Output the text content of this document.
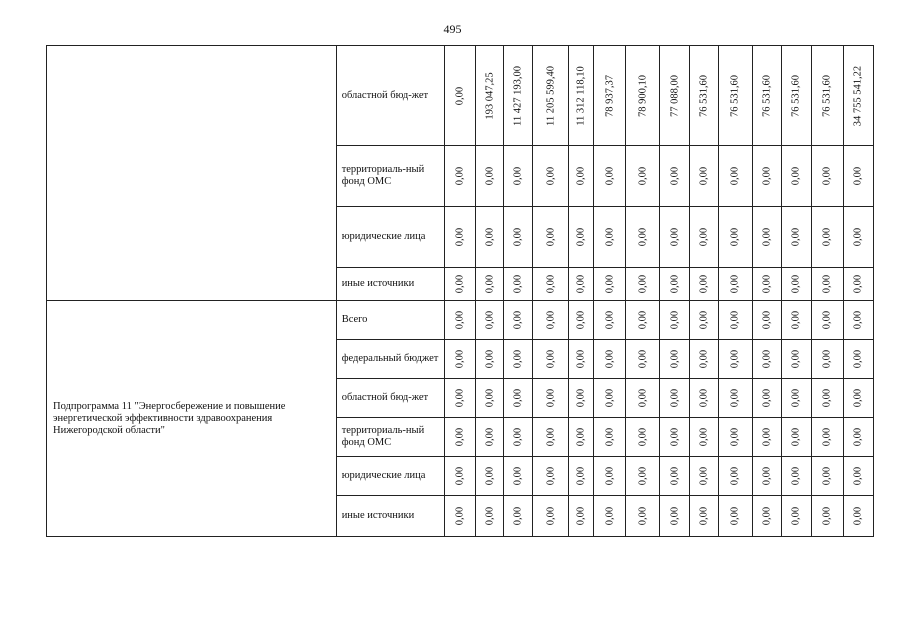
495
	областной бюд-жет	0,00	193 047,25	11 427 193,00	11 205 599,40	11 312 118,10	78 937,37	78 900,10	77 088,00	76 531,60	76 531,60	76 531,60	76 531,60	76 531,60	34 755 541,22

	территориаль-ный фонд ОМС	0,00	0,00	0,00	0,00	0,00	0,00	0,00	0,00	0,00	0,00	0,00	0,00	0,00	0,00

	юридические лица	0,00	0,00	0,00	0,00	0,00	0,00	0,00	0,00	0,00	0,00	0,00	0,00	0,00	0,00

	иные источники	0,00	0,00	0,00	0,00	0,00	0,00	0,00	0,00	0,00	0,00	0,00	0,00	0,00	0,00

Подпрограмма 11 "Энергосбережение и повышение энергетической эффективности здравоохранения Нижегородской области"	Всего	0,00	0,00	0,00	0,00	0,00	0,00	0,00	0,00	0,00	0,00	0,00	0,00	0,00	0,00

	федеральный бюджет	0,00	0,00	0,00	0,00	0,00	0,00	0,00	0,00	0,00	0,00	0,00	0,00	0,00	0,00

	областной бюд-жет	0,00	0,00	0,00	0,00	0,00	0,00	0,00	0,00	0,00	0,00	0,00	0,00	0,00	0,00

	территориаль-ный фонд ОМС	0,00	0,00	0,00	0,00	0,00	0,00	0,00	0,00	0,00	0,00	0,00	0,00	0,00	0,00

	юридические лица	0,00	0,00	0,00	0,00	0,00	0,00	0,00	0,00	0,00	0,00	0,00	0,00	0,00	0,00

	иные источники	0,00	0,00	0,00	0,00	0,00	0,00	0,00	0,00	0,00	0,00	0,00	0,00	0,00	0,00
